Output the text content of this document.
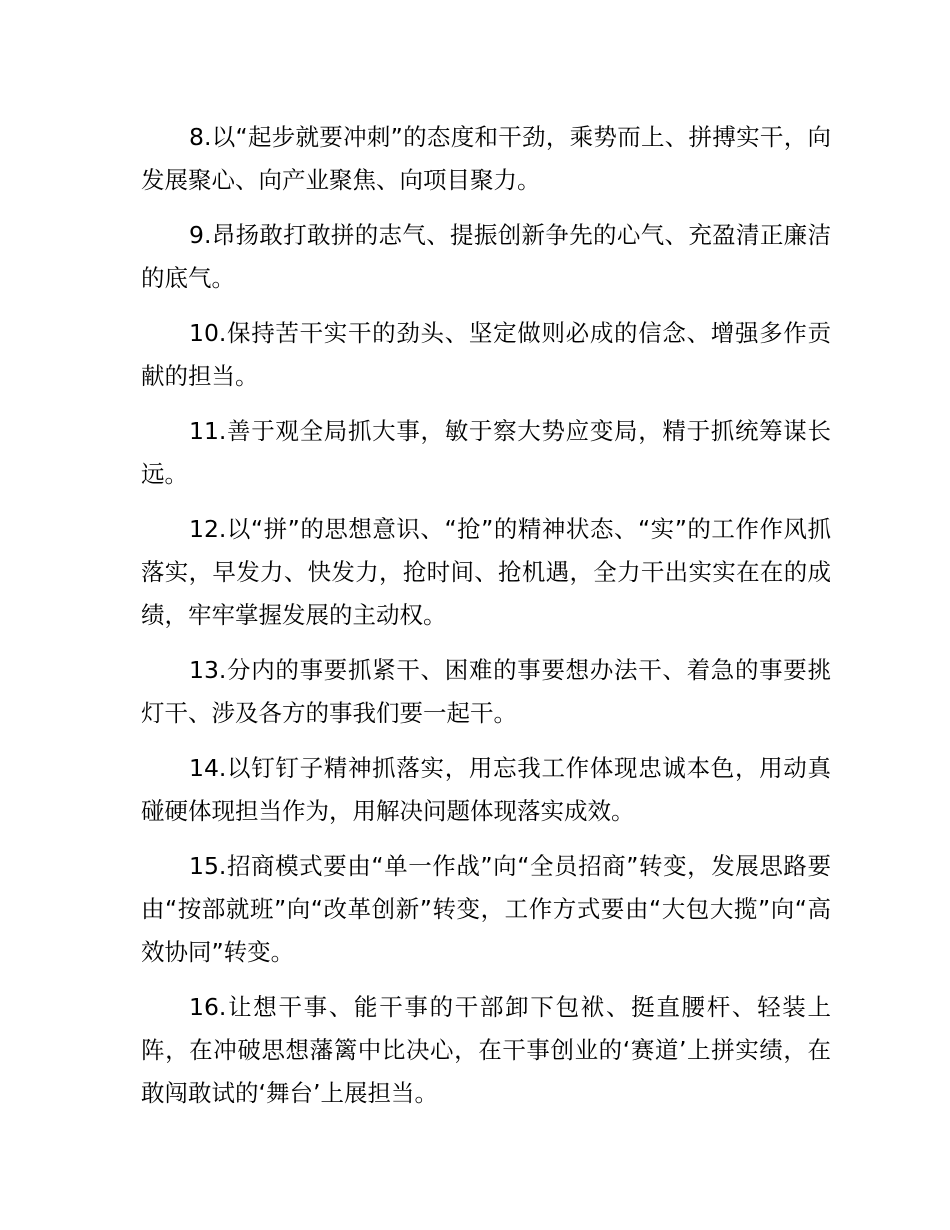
8.以“起步就要冲刺”的态度和干劲，乘势而上、拼搏实干，向发展聚心、向产业聚焦、向项目聚力。

9.昂扬敢打敢拼的志气、提振创新争先的心气、充盈清正廉洁的底气。

10.保持苦干实干的劲头、坚定做则必成的信念、增强多作贡献的担当。

11.善于观全局抓大事，敏于察大势应变局，精于抓统筹谋长远。

12.以“拼”的思想意识、“抢”的精神状态、“实”的工作作风抓落实，早发力、快发力，抢时间、抢机遇，全力干出实实在在的成绩，牢牢掌握发展的主动权。

13.分内的事要抓紧干、困难的事要想办法干、着急的事要挑灯干、涉及各方的事我们要一起干。

14.以钉钉子精神抓落实，用忘我工作体现忠诚本色，用动真碰硬体现担当作为，用解决问题体现落实成效。

15.招商模式要由“单一作战”向“全员招商”转变，发展思路要由“按部就班”向“改革创新”转变，工作方式要由“大包大揽”向“高效协同”转变。

16.让想干事、能干事的干部卸下包袱、挺直腰杆、轻装上阵，在冲破思想藩篱中比决心，在干事创业的‘赛道’上拼实绩，在敢闯敢试的‘舞台’上展担当。
